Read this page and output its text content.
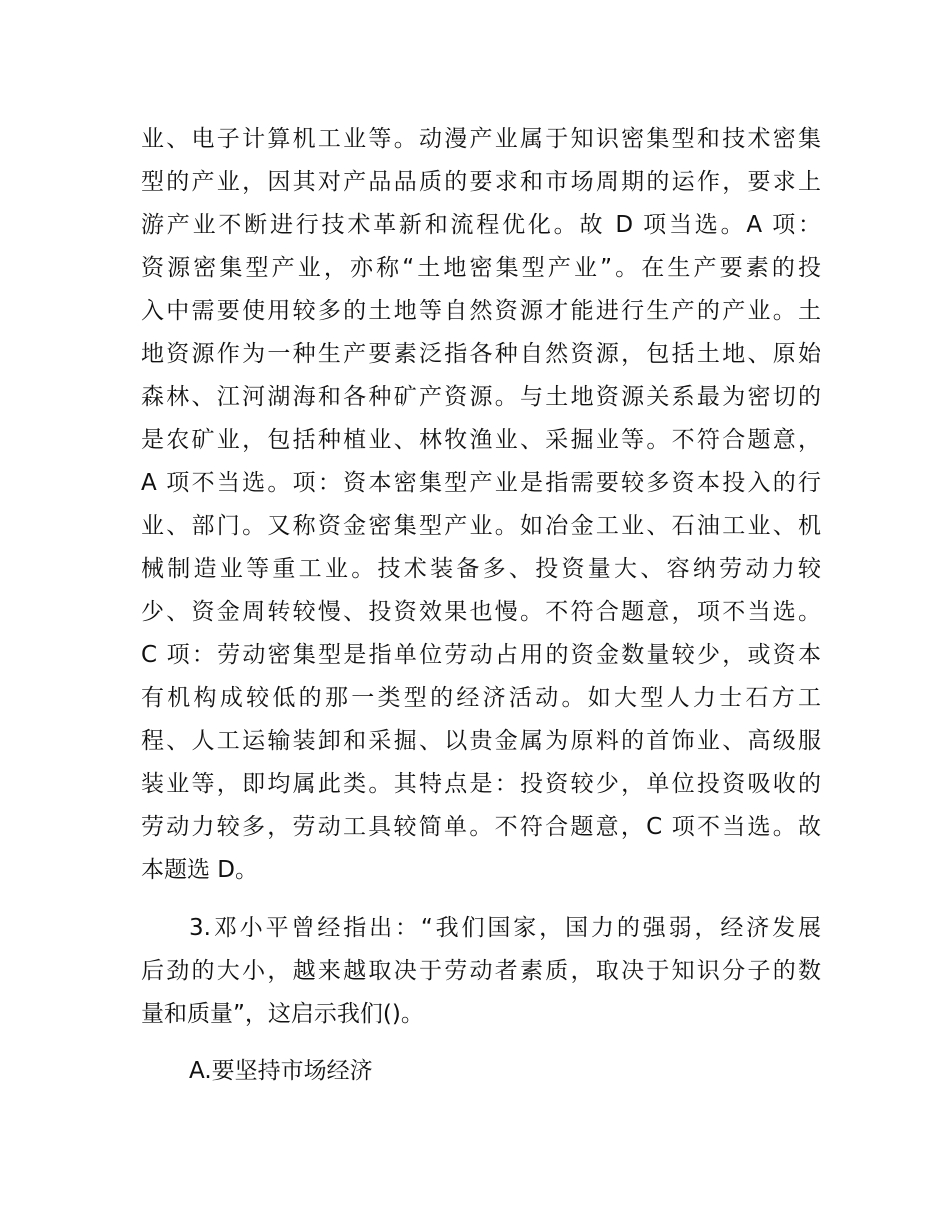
业、电子计算机工业等。动漫产业属于知识密集型和技术密集
型的产业，因其对产品品质的要求和市场周期的运作，要求上
游产业不断进行技术革新和流程优化。故 D 项当选。A 项：
资源密集型产业，亦称“土地密集型产业”。在生产要素的投
入中需要使用较多的土地等自然资源才能进行生产的产业。土
地资源作为一种生产要素泛指各种自然资源，包括土地、原始
森林、江河湖海和各种矿产资源。与土地资源关系最为密切的
是农矿业，包括种植业、林牧渔业、采掘业等。不符合题意，
A 项不当选。项：资本密集型产业是指需要较多资本投入的行
业、部门。又称资金密集型产业。如冶金工业、石油工业、机
械制造业等重工业。技术装备多、投资量大、容纳劳动力较
少、资金周转较慢、投资效果也慢。不符合题意，项不当选。
C 项：劳动密集型是指单位劳动占用的资金数量较少，或资本
有机构成较低的那一类型的经济活动。如大型人力士石方工
程、人工运输装卸和采掘、以贵金属为原料的首饰业、高级服
装业等，即均属此类。其特点是：投资较少，单位投资吸收的
劳动力较多，劳动工具较简单。不符合题意，C 项不当选。故
本题选 D。
3.邓小平曾经指出：“我们国家，国力的强弱，经济发展
后劲的大小，越来越取决于劳动者素质，取决于知识分子的数
量和质量”，这启示我们()。
A.要坚持市场经济
